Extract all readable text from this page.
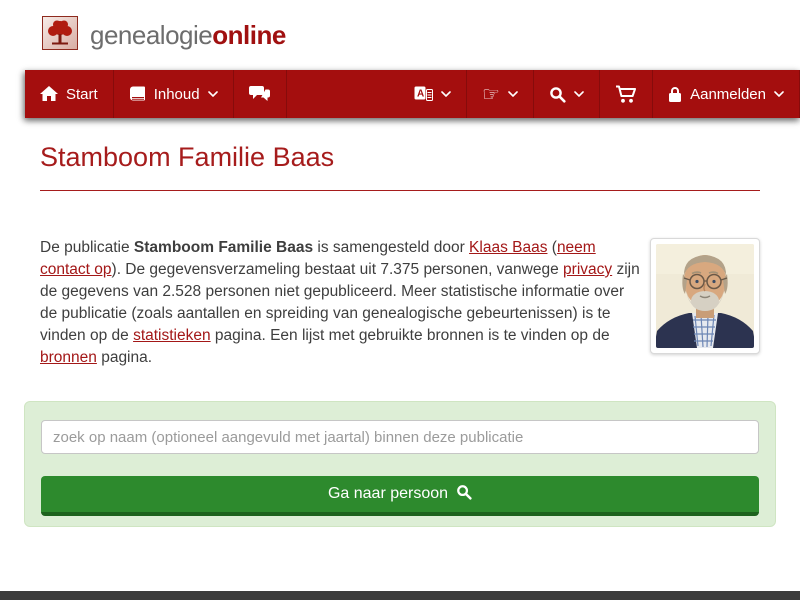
genealogieonline
Start	Inhoud	A	☞	Aanmelden
Stamboom Familie Baas

De publicatie Stamboom Familie Baas is samengesteld door Klaas Baas (neem contact op). De gegevensverzameling bestaat uit 7.375 personen, vanwege privacy zijn de gegevens van 2.528 personen niet gepubliceerd. Meer statistische informatie over de publicatie (zoals aantallen en spreiding van genealogische gebeurtenissen) is te vinden op de statistieken pagina. Een lijst met gebruikte bronnen is te vinden op de bronnen pagina.

zoek op naam (optioneel aangevuld met jaartal) binnen deze publicatie
Ga naar persoon
